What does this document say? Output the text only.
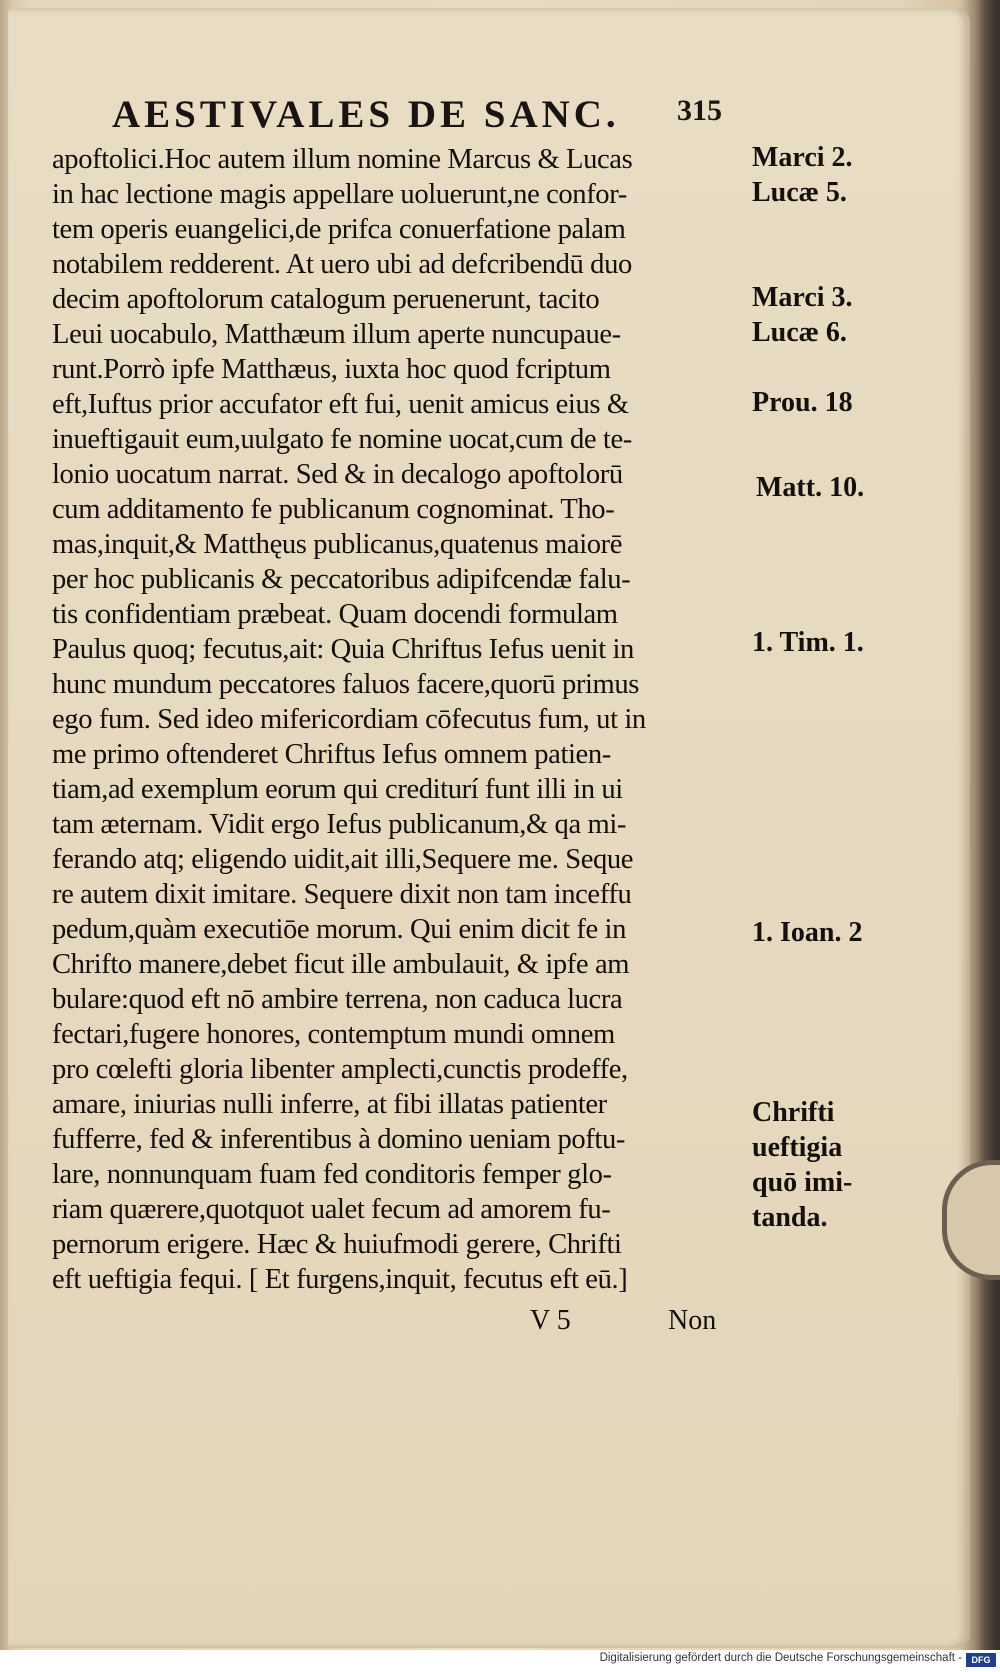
AESTIVALES DE SANC. 315
apoftolici.Hoc autem illum nomine Marcus & Lucas
in hac lectione magis appellare uoluerunt,ne confor-
tem operis euangelici,de prifca conuerfatione palam
notabilem redderent. At uero ubi ad defcribendū duo
decim apoftolorum catalogum peruenerunt, tacito
Leui uocabulo, Matthæum illum aperte nuncupaue-
runt.Porrò ipfe Matthæus, iuxta hoc quod fcriptum
eft,Iuftus prior accufator eft fui, uenit amicus eius &
inueftigauit eum,uulgato fe nomine uocat,cum de te-
lonio uocatum narrat. Sed & in decalogo apoftolorū
cum additamento fe publicanum cognominat. Tho-
mas,inquit,& Matthęus publicanus,quatenus maiorē
per hoc publicanis & peccatoribus adipifcendæ falu-
tis confidentiam præbeat. Quam docendi formulam
Paulus quoq; fecutus,ait: Quia Chriftus Iefus uenit in
hunc mundum peccatores faluos facere,quorū primus
ego fum. Sed ideo mifericordiam cōfecutus fum, ut in
me primo oftenderet Chriftus Iefus omnem patien-
tiam,ad exemplum eorum qui crediturí funt illi in ui
tam æternam. Vidit ergo Iefus publicanum,& qa mi-
ferando atq; eligendo uidit,ait illi,Sequere me. Seque
re autem dixit imitare. Sequere dixit non tam inceffu
pedum,quàm executiōe morum. Qui enim dicit fe in
Chrifto manere,debet ficut ille ambulauit, & ipfe am
bulare:quod eft nō ambire terrena, non caduca lucra
fectari,fugere honores, contemptum mundi omnem
pro cœlefti gloria libenter amplecti,cunctis prodeffe,
amare, iniurias nulli inferre, at fibi illatas patienter
fufferre, fed & inferentibus à domino ueniam poftu-
lare, nonnunquam fuam fed conditoris femper glo-
riam quærere,quotquot ualet fecum ad amorem fu-
pernorum erigere. Hæc & huiufmodi gerere, Chrifti
eft ueftigia fequi. [ Et furgens,inquit, fecutus eft eū.]
Marci 2.
Lucæ 5.
Marci 3.
Lucæ 6.
Prou. 18
Matt. 10.
1. Tim. 1.
1. Ioan. 2
Chrifti
ueftigia
quō imi-
tanda.
V 5	Non
Digitalisierung gefördert durch die Deutsche Forschungsgemeinschaft -	DFG
